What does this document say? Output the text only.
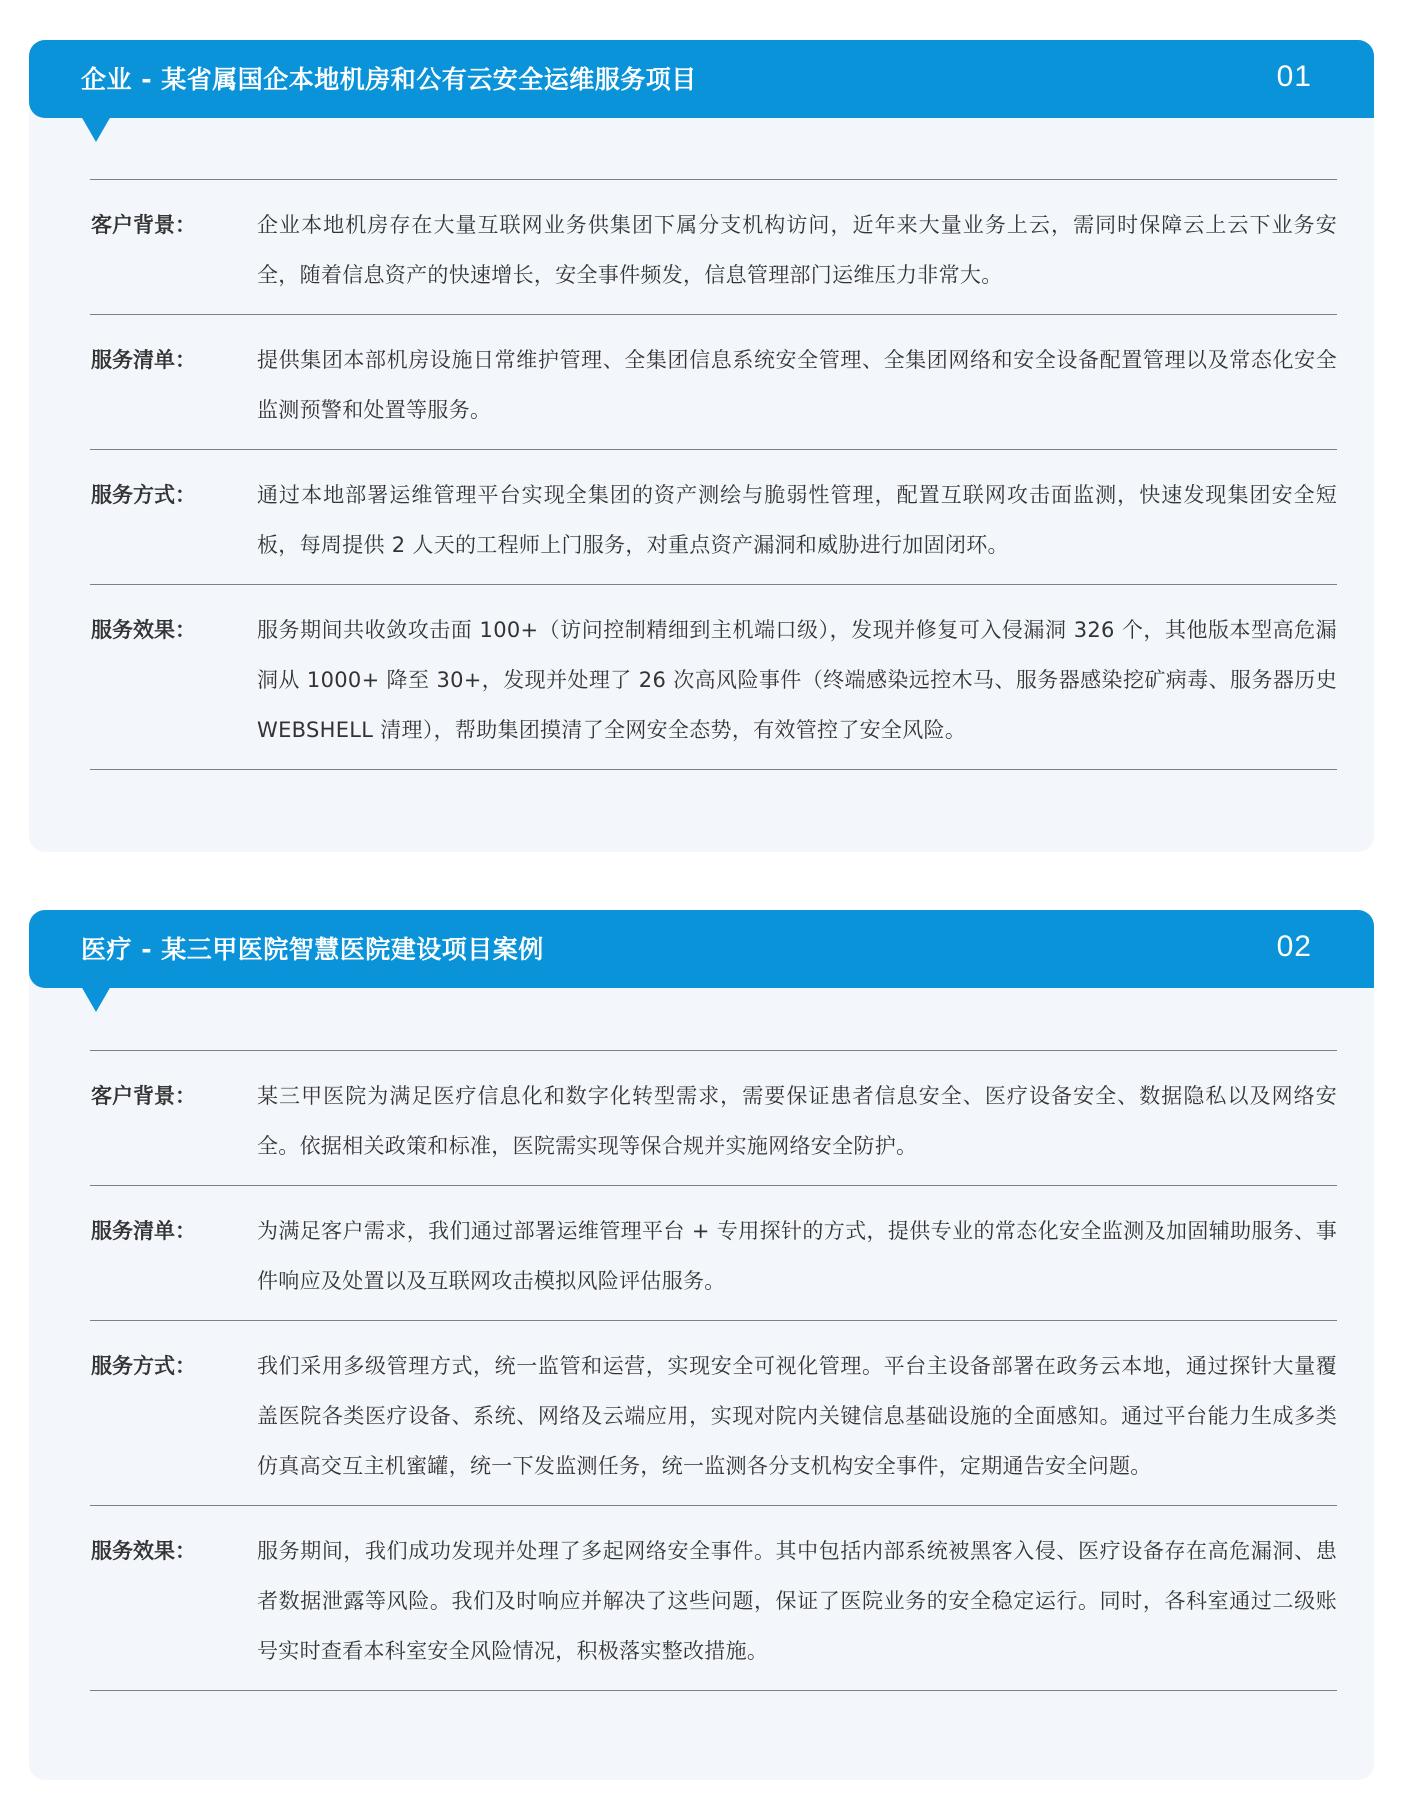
企业 - 某省属国企本地机房和公有云安全运维服务项目	01
客户背景：	企业本地机房存在大量互联网业务供集团下属分支机构访问，近年来大量业务上云，需同时保障云上云下业务安全，随着信息资产的快速增长，安全事件频发，信息管理部门运维压力非常大。
服务清单：	提供集团本部机房设施日常维护管理、全集团信息系统安全管理、全集团网络和安全设备配置管理以及常态化安全监测预警和处置等服务。
服务方式：	通过本地部署运维管理平台实现全集团的资产测绘与脆弱性管理，配置互联网攻击面监测，快速发现集团安全短板，每周提供 2 人天的工程师上门服务，对重点资产漏洞和威胁进行加固闭环。
服务效果：	服务期间共收敛攻击面 100+（访问控制精细到主机端口级），发现并修复可入侵漏洞 326 个，其他版本型高危漏洞从 1000+ 降至 30+，发现并处理了 26 次高风险事件（终端感染远控木马、服务器感染挖矿病毒、服务器历史 WEBSHELL 清理），帮助集团摸清了全网安全态势，有效管控了安全风险。
医疗 - 某三甲医院智慧医院建设项目案例	02
客户背景：	某三甲医院为满足医疗信息化和数字化转型需求，需要保证患者信息安全、医疗设备安全、数据隐私以及网络安全。依据相关政策和标准，医院需实现等保合规并实施网络安全防护。
服务清单：	为满足客户需求，我们通过部署运维管理平台 + 专用探针的方式，提供专业的常态化安全监测及加固辅助服务、事件响应及处置以及互联网攻击模拟风险评估服务。
服务方式：	我们采用多级管理方式，统一监管和运营，实现安全可视化管理。平台主设备部署在政务云本地，通过探针大量覆盖医院各类医疗设备、系统、网络及云端应用，实现对院内关键信息基础设施的全面感知。通过平台能力生成多类仿真高交互主机蜜罐，统一下发监测任务，统一监测各分支机构安全事件，定期通告安全问题。
服务效果：	服务期间，我们成功发现并处理了多起网络安全事件。其中包括内部系统被黑客入侵、医疗设备存在高危漏洞、患者数据泄露等风险。我们及时响应并解决了这些问题，保证了医院业务的安全稳定运行。同时，各科室通过二级账号实时查看本科室安全风险情况，积极落实整改措施。
